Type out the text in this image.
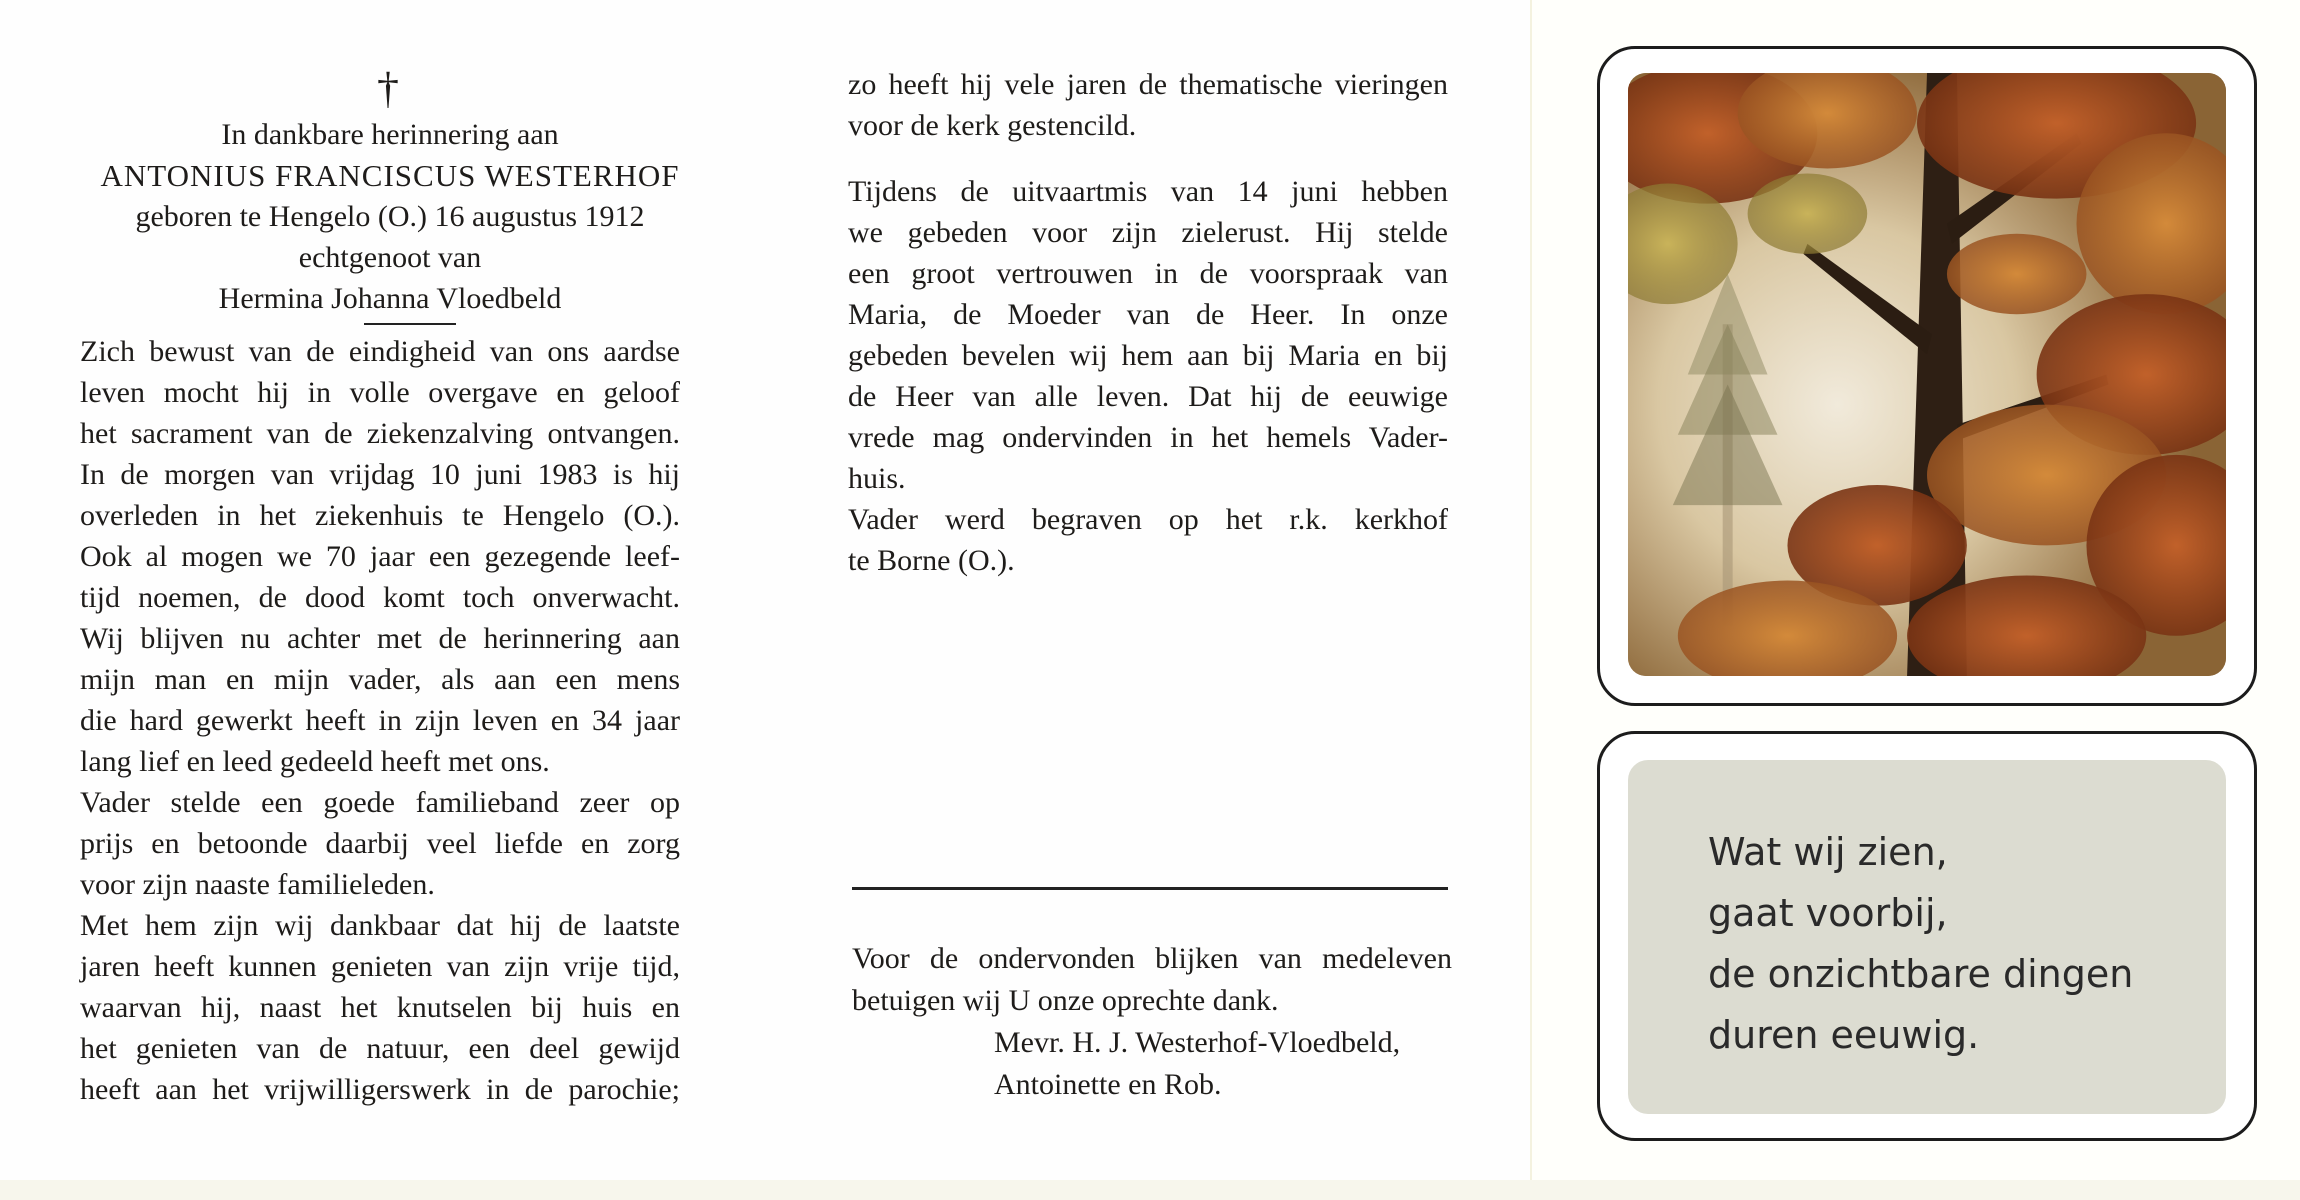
†
In dankbare herinnering aan
ANTONIUS FRANCISCUS WESTERHOF
geboren te Hengelo (O.) 16 augustus 1912
echtgenoot van
Hermina Johanna Vloedbeld
Zich bewust van de eindigheid van ons aardse
leven mocht hij in volle overgave en geloof
het sacrament van de ziekenzalving ontvangen.
In de morgen van vrijdag 10 juni 1983 is hij
overleden in het ziekenhuis te Hengelo (O.).
Ook al mogen we 70 jaar een gezegende leef-
tijd noemen, de dood komt toch onverwacht.
Wij blijven nu achter met de herinnering aan
mijn man en mijn vader, als aan een mens
die hard gewerkt heeft in zijn leven en 34 jaar
lang lief en leed gedeeld heeft met ons.
Vader stelde een goede familieband zeer op
prijs en betoonde daarbij veel liefde en zorg
voor zijn naaste familieleden.
Met hem zijn wij dankbaar dat hij de laatste
jaren heeft kunnen genieten van zijn vrije tijd,
waarvan hij, naast het knutselen bij huis en
het genieten van de natuur, een deel gewijd
heeft aan het vrijwilligerswerk in de parochie;
zo heeft hij vele jaren de thematische vieringen
voor de kerk gestencild.
Tijdens de uitvaartmis van 14 juni hebben
we gebeden voor zijn zielerust. Hij stelde
een groot vertrouwen in de voorspraak van
Maria, de Moeder van de Heer. In onze
gebeden bevelen wij hem aan bij Maria en bij
de Heer van alle leven. Dat hij de eeuwige
vrede mag ondervinden in het hemels Vader-
huis.
Vader werd begraven op het r.k. kerkhof
te Borne (O.).
Voor de ondervonden blijken van medeleven
betuigen wij U onze oprechte dank.
Mevr. H. J. Westerhof-Vloedbeld,
Antoinette en Rob.
Wat wij zien,
gaat voorbij,
de onzichtbare dingen
duren eeuwig.
